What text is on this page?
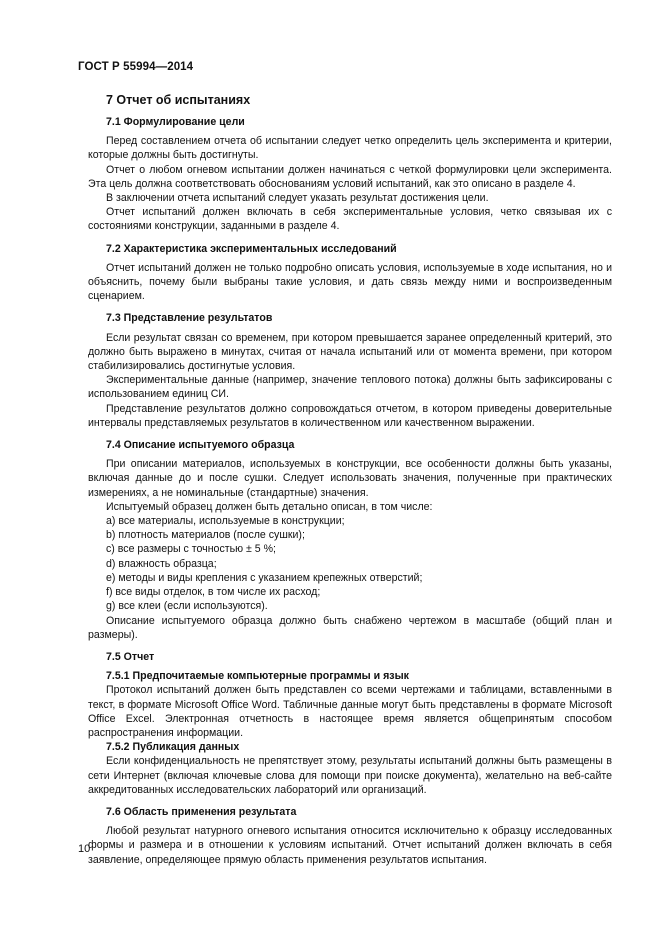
ГОСТ Р 55994—2014
7 Отчет об испытаниях
7.1 Формулирование цели

Перед составлением отчета об испытании следует четко определить цель эксперимента и критерии, которые должны быть достигнуты.

Отчет о любом огневом испытании должен начинаться с четкой формулировки цели эксперимента. Эта цель должна соответствовать обоснованиям условий испытаний, как это описано в разделе 4.

В заключении отчета испытаний следует указать результат достижения цели.

Отчет испытаний должен включать в себя экспериментальные условия, четко связывая их с состояниями конструкции, заданными в разделе 4.

7.2 Характеристика экспериментальных исследований

Отчет испытаний должен не только подробно описать условия, используемые в ходе испытания, но и объяснить, почему были выбраны такие условия, и дать связь между ними и воспроизведенным сценарием.

7.3 Представление результатов

Если результат связан со временем, при котором превышается заранее определенный критерий, это должно быть выражено в минутах, считая от начала испытаний или от момента времени, при котором стабилизировались достигнутые условия.

Экспериментальные данные (например, значение теплового потока) должны быть зафиксированы с использованием единиц СИ.

Представление результатов должно сопровождаться отчетом, в котором приведены доверительные интервалы представляемых результатов в количественном или качественном выражении.

7.4 Описание испытуемого образца

При описании материалов, используемых в конструкции, все особенности должны быть указаны, включая данные до и после сушки. Следует использовать значения, полученные при практических измерениях, а не номинальные (стандартные) значения.

Испытуемый образец должен быть детально описан, в том числе:

a) все материалы, используемые в конструкции;
b) плотность материалов (после сушки);
c) все размеры с точностью ± 5 %;
d) влажность образца;
e) методы и виды крепления с указанием крепежных отверстий;
f) все виды отделок, в том числе их расход;
g) все клеи (если используются).

Описание испытуемого образца должно быть снабжено чертежом в масштабе (общий план и размеры).

7.5 Отчет
7.5.1 Предпочитаемые компьютерные программы и язык

Протокол испытаний должен быть представлен со всеми чертежами и таблицами, вставленными в текст, в формате Microsoft Office Word. Табличные данные могут быть представлены в формате Microsoft Office Excel. Электронная отчетность в настоящее время является общепринятым способом распространения информации.

7.5.2 Публикация данных

Если конфиденциальность не препятствует этому, результаты испытаний должны быть размещены в сети Интернет (включая ключевые слова для помощи при поиске документа), желательно на веб-сайте аккредитованных исследовательских лабораторий или организаций.

7.6 Область применения результата

Любой результат натурного огневого испытания относится исключительно к образцу исследованных формы и размера и в отношении к условиям испытаний. Отчет испытаний должен включать в себя заявление, определяющее прямую область применения результатов испытания.

10
